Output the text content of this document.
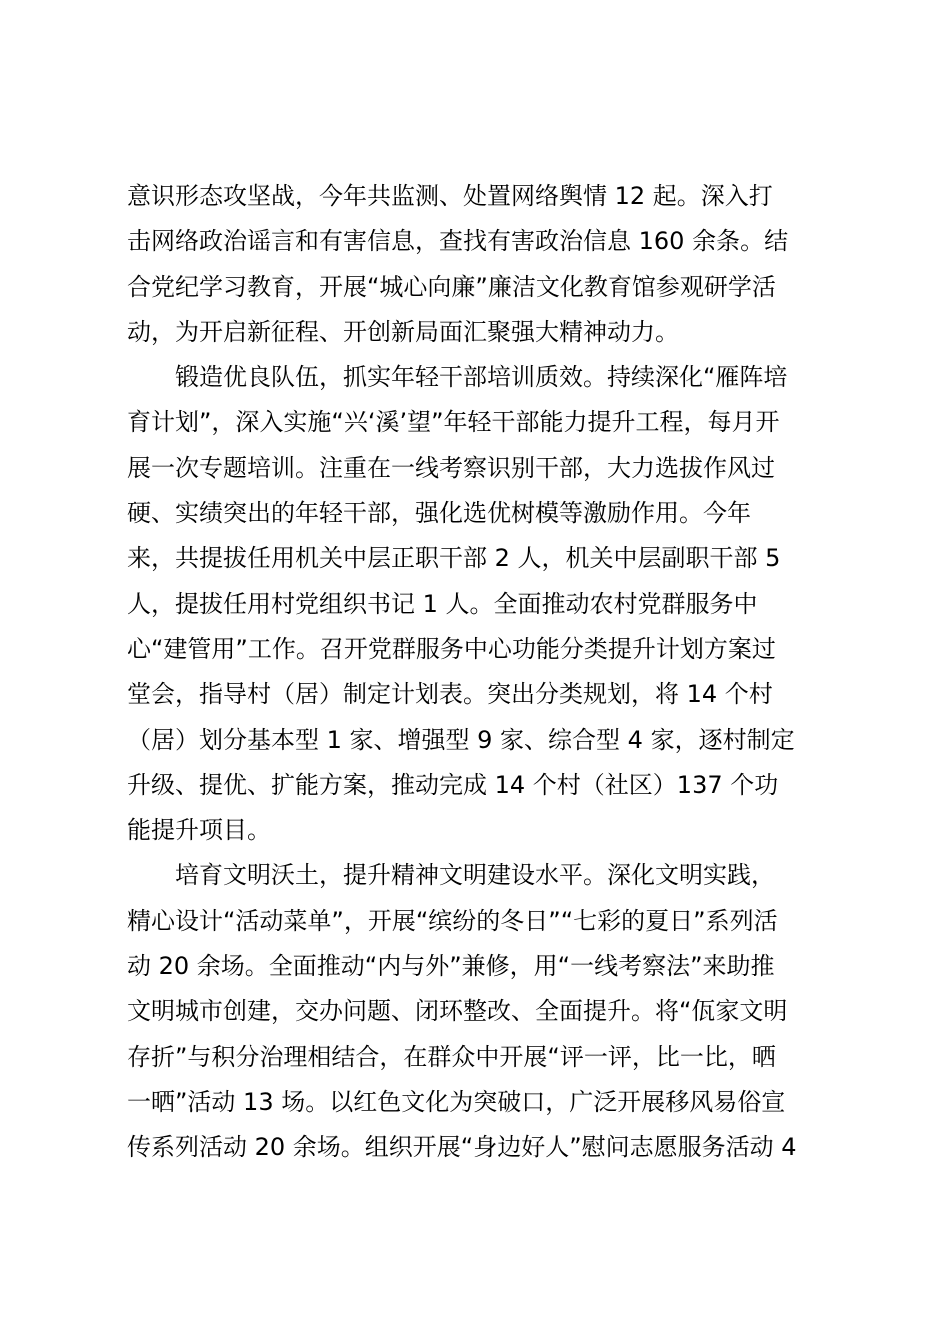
意识形态攻坚战，今年共监测、处置网络舆情 12 起。深入打
击网络政治谣言和有害信息，查找有害政治信息 160 余条。结
合党纪学习教育，开展“城心向廉”廉洁文化教育馆参观研学活
动，为开启新征程、开创新局面汇聚强大精神动力。
锻造优良队伍，抓实年轻干部培训质效。持续深化“雁阵培
育计划”，深入实施“兴‘溪’望”年轻干部能力提升工程，每月开
展一次专题培训。注重在一线考察识别干部，大力选拔作风过
硬、实绩突出的年轻干部，强化选优树模等激励作用。今年
来，共提拔任用机关中层正职干部 2 人，机关中层副职干部 5
人，提拔任用村党组织书记 1 人。全面推动农村党群服务中
心“建管用”工作。召开党群服务中心功能分类提升计划方案过
堂会，指导村（居）制定计划表。突出分类规划，将 14 个村
（居）划分基本型 1 家、增强型 9 家、综合型 4 家，逐村制定
升级、提优、扩能方案，推动完成 14 个村（社区）137 个功
能提升项目。
培育文明沃土，提升精神文明建设水平。深化文明实践，
精心设计“活动菜单”，开展“缤纷的冬日”“七彩的夏日”系列活
动 20 余场。全面推动“内与外”兼修，用“一线考察法”来助推
文明城市创建，交办问题、闭环整改、全面提升。将“佤家文明
存折”与积分治理相结合，在群众中开展“评一评，比一比，晒
一晒”活动 13 场。以红色文化为突破口，广泛开展移风易俗宣
传系列活动 20 余场。组织开展“身边好人”慰问志愿服务活动 4
